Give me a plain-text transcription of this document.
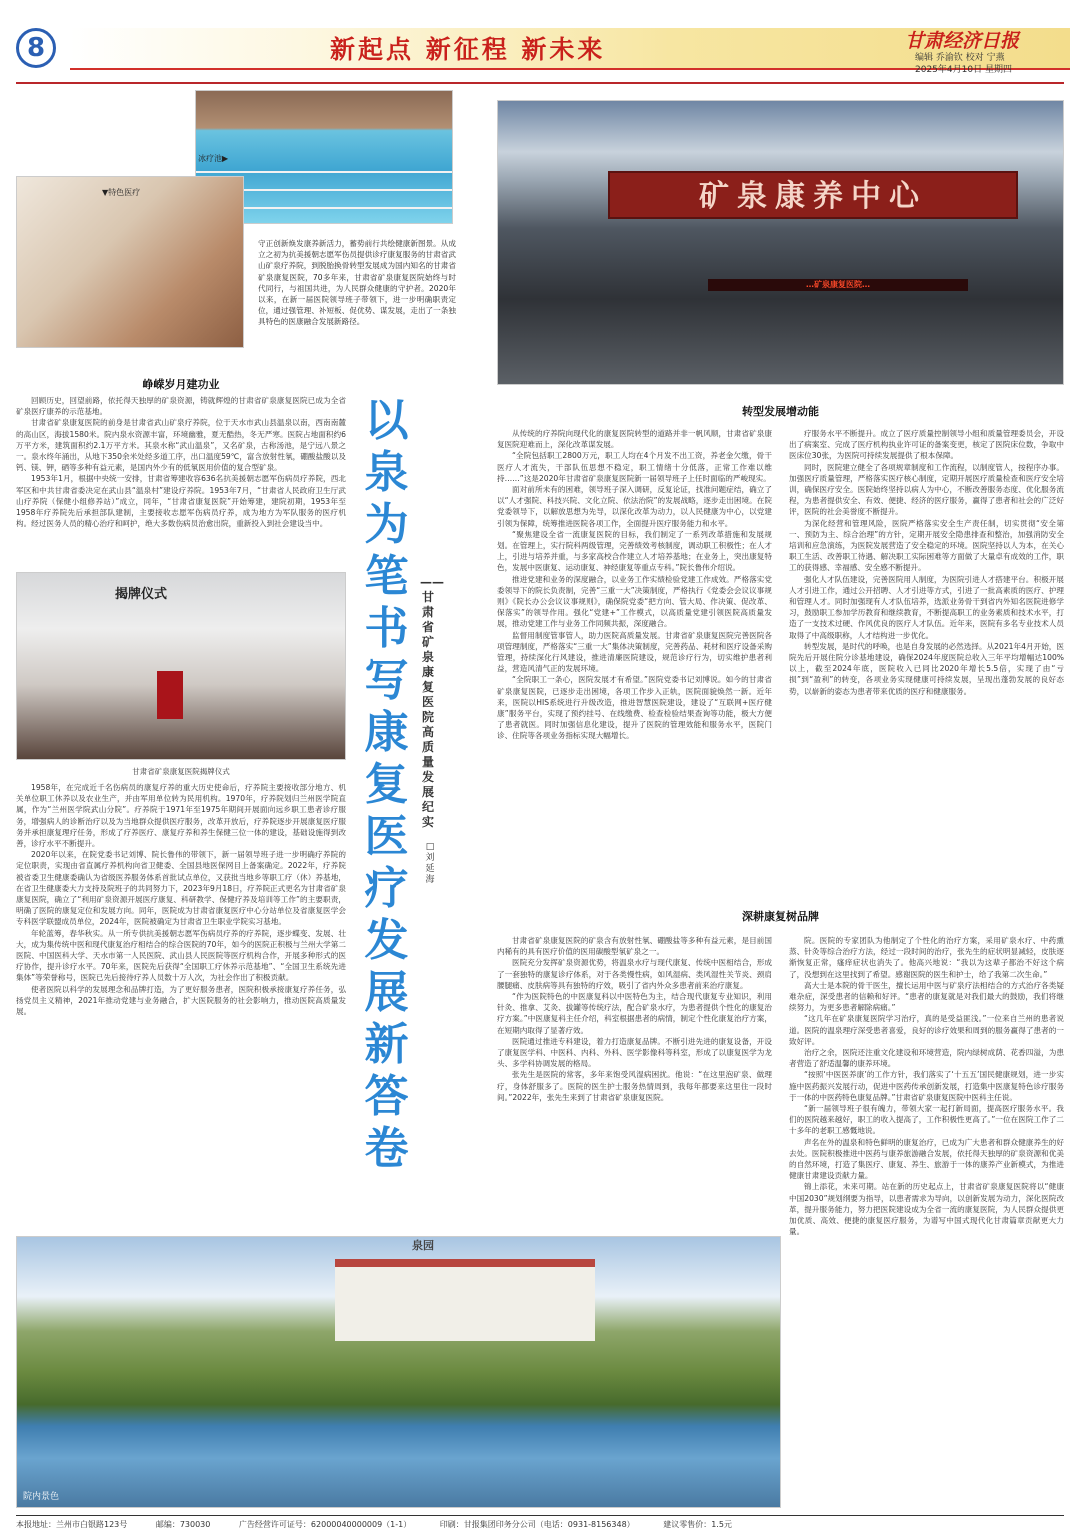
8	新起点 新征程 新未来	甘肃经济日报
编辑 乔渝钦 校对 宁燕
2025年4月10日 星期四
冰疗池▶
▼特色医疗
守正创新焕发康养新活力，蓄势前行共绘健康新图景。从成立之初为抗美援朝志愿军伤员提供诊疗康复服务的甘肃省武山矿泉疗养院，到脱胎换骨转型发展成为国内知名的甘肃省矿泉康复医院，70多年来，甘肃省矿泉康复医院始终与时代同行，与祖国共进，为人民群众健康的守护者。2020年以来，在新一届医院领导班子带领下，进一步明确职责定位，通过强管理、补短板、促优势、谋发展，走出了一条独具特色的医康融合发展新路径。
矿泉康养中心
…矿泉康复医院…
峥嵘岁月建功业

回顾历史，回望前路，依托得天独厚的矿泉资源，铸就辉煌的甘肃省矿泉康复医院已成为全省矿泉医疗康养的示范基地。

甘肃省矿泉康复医院的前身是甘肃省武山矿泉疗养院，位于天水市武山县温泉以南，西南南麓的高山区，海拔1580米。院内泉水资源丰富，环境幽雅，夏无酷热，冬无严寒。医院占地面积约6万平方米，建筑面积约2.1万平方米。其泉水称“武山温泉”，又名矿泉，古称汤池，是宁远八景之一。泉水终年涌出，从地下350余米处经多道工序，出口温度59℃，富含放射性氡，硼酸盐酸以及钙、镁、钾，硒等多种有益元素，是国内外少有的低氡医用价值的复合型矿泉。

1953年1月，根据中央统一安排，甘肃省筹建收容636名抗美援朝志愿军伤病员疗养院，西北军区和中共甘肃省委决定在武山县“温泉村”建设疗养院。1953年7月，“甘肃省人民政府卫生厅武山疗养院（保健小组修养站）”成立，同年，“甘肃省康复医院”开始筹建，建院初期，1953年至1958年疗养院先后承担部队建制，主要接收志愿军伤病员疗养，成为地方为军队服务的医疗机构。经过医务人员的精心治疗和呵护，绝大多数伤病员治愈出院，重新投入到社会建设当中。

揭牌仪式
甘肃省矿泉康复医院揭牌仪式

1958年，在完成近千名伤病员的康复疗养的重大历史使命后，疗养院主要接收部分地方、机关单位职工休养以及农业生产，并由军用单位转为民用机构。1970年，疗养院划归兰州医学院直属，作为“兰州医学院武山分院”。疗养院于1971年至1975年期间开展面向远乡职工患者诊疗服务，增强病人的诊断治疗以及为当地群众提供医疗服务，改革开放后，疗养院逐步开展康复医疗服务并承担康复理疗任务，形成了疗养医疗、康复疗养和养生保健三位一体的建设，基础设施得到改善，诊疗水平不断提升。

2020年以来，在院党委书记刘博、院长鲁伟的带领下，新一届领导班子进一步明确疗养院的定位职责，实现由省直属疗养机构向省卫健委、全国县地医保网目上备案确定。2022年，疗养院被省委卫生健康委确认为省级医养服务体系首批试点单位，又获批当地乡等职工疗（休）养基地，在省卫生健康委大力支持及院班子的共同努力下，2023年9月18日，疗养院正式更名为甘肃省矿泉康复医院，确立了“利用矿泉资源开展医疗康复、科研教学、保健疗养及培训等工作”的主要职责，明确了医院的康复定位和发展方向。同年，医院成为甘肃省康复医疗中心分站单位及省康复医学会专科医学联盟成员单位，2024年，医院被确定为甘肃省卫生职业学院实习基地。

年轮蓝筹，春华秋实。从一所专供抗美援朝志愿军伤病员疗养的疗养院，逐步蝶变、发展、壮大，成为集传统中医和现代康复治疗相结合的综合医院的70年，如今的医院正积极与兰州大学第二医院、中国医科大学、天水市第一人民医院、武山县人民医院等医疗机构合作，开展多种形式的医疗协作，提升诊疗水平。70年来，医院先后获得“全国职工疗休养示范基地”、“全国卫生系统先进集体”等荣誉称号，医院已先后接待疗养人员数十万人次，为社会作出了积极贡献。

使者医院以科学的发展理念和品牌打造，为了更好服务患者，医院积极承接康复疗养任务，弘扬党员主义精神，2021年推动党建与业务融合，扩大医院服务的社会影响力，推动医院高质量发展。

以泉为笔 书写康复医疗发展新答卷
——甘肃省矿泉康复医院高质量发展纪实
□ 刘延海
转型发展增动能

从传统的疗养院向现代化的康复医院转型的道路并非一帆风顺，甘肃省矿泉康复医院迎难而上，深化改革谋发展。

“全院包括职工2800万元，职工人均在4个月发不出工资，养老金欠缴，骨干医疗人才流失，干部队伍思想不稳定，职工情绪十分低落，正常工作难以维持……”这是2020年甘肃省矿泉康复医院新一届领导班子上任时面临的严峻现实。

面对前所未有的困难，领导班子深入调研，反复论证，找准问题症结，确立了以“人才强院、科技兴院、文化立院、依法治院”的发展战略，逐步走出困境。在院党委领导下，以解放思想为先导，以深化改革为动力，以人民健康为中心，以党建引领为保障，统筹推进医院各项工作，全面提升医疗服务能力和水平。

“聚焦建设全省一流康复医院的目标，我们制定了一系列改革措施和发展规划。在管理上，实行院科两级管理，完善绩效考核制度，调动职工积极性；在人才上，引进与培养并重，与多家高校合作建立人才培养基地；在业务上，突出康复特色，发展中医康复、运动康复、神经康复等重点专科。”院长鲁伟介绍说。

推进党建和业务的深度融合，以业务工作实绩检验党建工作成效。严格落实党委领导下的院长负责制，完善“三重一大”决策制度，严格执行《党委会会议议事规则》《院长办公会议议事规则》，确保院党委“把方向、管大局、作决策、促改革、保落实”的领导作用。强化“党建+”工作模式，以高质量党建引领医院高质量发展，推动党建工作与业务工作同频共振，深度融合。

监督用制度管事管人，助力医院高质量发展。甘肃省矿泉康复医院完善医院各项管理制度，严格落实“三重一大”集体决策制度，完善药品、耗材和医疗设备采购管理，持续深化行风建设，推进清廉医院建设，规范诊疗行为，切实维护患者利益，营造风清气正的发展环境。

“全院职工一条心，医院发展才有希望。”医院党委书记刘博说。如今的甘肃省矿泉康复医院，已逐步走出困境，各项工作步入正轨，医院面貌焕然一新。近年来，医院以HIS系统进行升级改造，推进智慧医院建设，建设了“互联网+医疗健康”服务平台，实现了预约挂号、在线缴费、检查检验结果查询等功能，极大方便了患者就医。同时加强信息化建设，提升了医院的管理效能和服务水平，医院门诊、住院等各项业务指标实现大幅增长。

疗服务水平不断提升。成立了医疗质量控制领导小组和质量管理委员会，开设出了病案室、完成了医疗机构执业许可证的备案变更，核定了医院床位数，争取中医床位30张，为医院可持续发展提供了根本保障。

同时，医院建立健全了各项规章制度和工作流程，以制度管人，按程序办事。加强医疗质量管理，严格落实医疗核心制度，定期开展医疗质量检查和医疗安全培训，确保医疗安全。医院始终坚持以病人为中心，不断改善服务态度、优化服务流程，为患者提供安全、有效、便捷、经济的医疗服务，赢得了患者和社会的广泛好评，医院的社会美誉度不断提升。

为深化经营和管理风险，医院严格落实安全生产责任制，切实贯彻“安全第一、预防为主、综合治理”的方针，定期开展安全隐患排查和整治，加强消防安全培训和应急演练，为医院发展营造了安全稳定的环境。医院坚持以人为本，在关心职工生活、改善职工待遇、解决职工实际困难等方面做了大量卓有成效的工作，职工的获得感、幸福感、安全感不断提升。

强化人才队伍建设，完善医院用人制度，为医院引进人才搭建平台。积极开展人才引进工作，通过公开招聘、人才引进等方式，引进了一批高素质的医疗、护理和管理人才。同时加强现有人才队伍培养，选派业务骨干到省内外知名医院进修学习，鼓励职工参加学历教育和继续教育，不断提高职工的业务素质和技术水平，打造了一支技术过硬、作风优良的医疗人才队伍。近年来，医院有多名专业技术人员取得了中高级职称，人才结构进一步优化。

转型发展，是时代的呼唤，也是自身发展的必然选择。从2021年4月开始，医院先后开展住院分诊基地建设，确保2024年度医院总收入三年平均增幅达100%以上，截至2024年底，医院收入已同比2020年增长5.5倍，实现了由“亏损”到“盈利”的转变，各项业务实现健康可持续发展，呈现出蓬勃发展的良好态势，以崭新的姿态为患者带来优质的医疗和健康服务。

深耕康复树品牌

甘肃省矿泉康复医院的矿泉含有放射性氡、硼酸盐等多种有益元素，是目前国内稀有的具有医疗价值的医用碳酸型氡矿泉之一。

医院充分发挥矿泉资源优势，将温泉水疗与现代康复、传统中医相结合，形成了一套独特的康复诊疗体系，对于各类慢性病，如风湿病、类风湿性关节炎、颈肩腰腿痛、皮肤病等具有独特的疗效，吸引了省内外众多患者前来治疗康复。

“作为医院特色的中医康复科以中医特色为主，结合现代康复专业知识，利用针灸、推拿、艾灸、拔罐等传统疗法，配合矿泉水疗，为患者提供个性化的康复治疗方案。”中医康复科主任介绍，科室根据患者的病情，制定个性化康复治疗方案，在短期内取得了显著疗效。

医院通过推进专科建设，着力打造康复品牌。不断引进先进的康复设备，开设了康复医学科、中医科、内科、外科、医学影像科等科室，形成了以康复医学为龙头、多学科协调发展的格局。

张先生是医院的常客，多年来饱受风湿病困扰。他说：“在这里泡矿泉、做理疗，身体舒服多了。医院的医生护士服务热情周到，我每年都要来这里住一段时间。”2022年，张先生来到了甘肃省矿泉康复医院。

院。医院的专家团队为他制定了个性化的治疗方案，采用矿泉水疗、中药熏蒸、针灸等综合治疗方法，经过一段时间的治疗，张先生的症状明显减轻，皮肤逐渐恢复正常，瘙痒症状也消失了。他高兴地说：“我以为这辈子都治不好这个病了，没想到在这里找到了希望。感谢医院的医生和护士，给了我第二次生命。”

高大士是本院的骨干医生，擅长运用中医与矿泉疗法相结合的方式治疗各类疑难杂症，深受患者的信赖和好评。“患者的康复就是对我们最大的鼓励，我们将继续努力，为更多患者解除病痛。”

“这几年在矿泉康复医院学习治疗，真的是受益匪浅。”一位来自兰州的患者说道。医院的温泉理疗深受患者喜爱，良好的诊疗效果和周到的服务赢得了患者的一致好评。

治疗之余，医院还注重文化建设和环境营造，院内绿树成荫、花香四溢，为患者营造了舒适温馨的康养环境。

“按照‘中医医养康’的工作方针，我们落实了‘十五五’国民健康规划，进一步实施中医药振兴发展行动，促进中医药传承创新发展，打造集中医康复特色诊疗服务于一体的中医药特色康复品牌。”甘肃省矿泉康复医院中医科主任说。

“新一届领导班子很有魄力，带领大家一起打新局面，提高医疗服务水平。我们的医院越来越好，职工的收入提高了，工作积极性更高了。”一位在医院工作了二十多年的老职工感慨地说。

声名在外的温泉和特色鲜明的康复治疗，已成为广大患者和群众健康养生的好去处。医院积极推进中医药与康养旅游融合发展，依托得天独厚的矿泉资源和优美的自然环境，打造了集医疗、康复、养生、旅游于一体的康养产业新模式，为推进健康甘肃建设贡献力量。

锦上添花，未来可期。站在新的历史起点上，甘肃省矿泉康复医院将以“健康中国2030”规划纲要为指导，以患者需求为导向，以创新发展为动力，深化医院改革，提升服务能力，努力把医院建设成为全省一流的康复医院，为人民群众提供更加优质、高效、便捷的康复医疗服务，为谱写中国式现代化甘肃篇章贡献更大力量。

泉园
院内景色
本报地址：兰州市白银路123号	邮编：730030	广告经营许可证号：62000040000009（1-1）	印刷：甘报集团印务分公司（电话：0931-8156348）	建议零售价：1.5元
